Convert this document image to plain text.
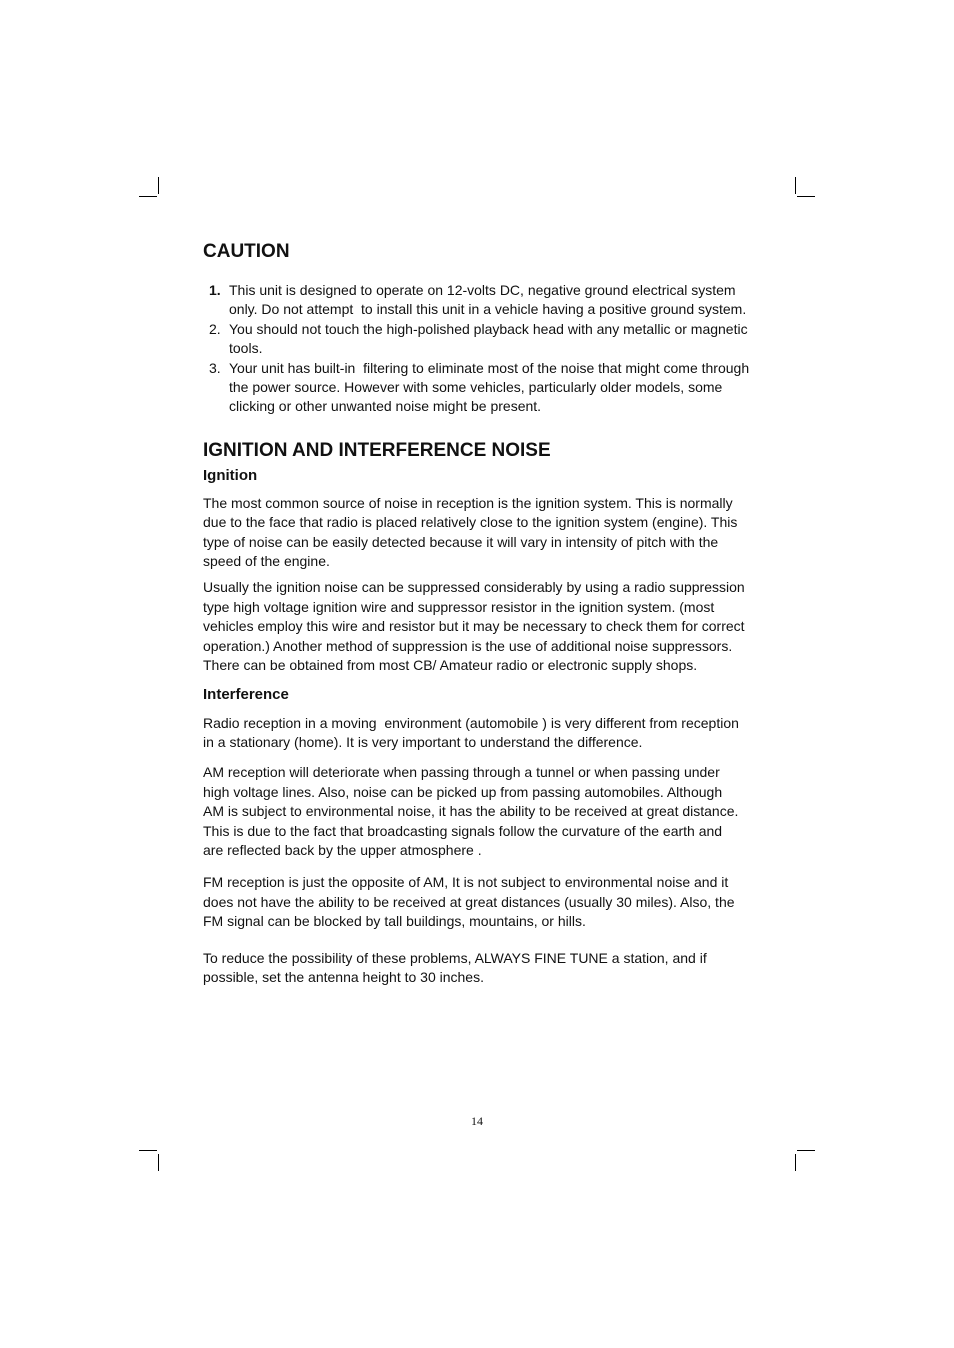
CAUTION
1. This unit is designed to operate on 12-volts DC, negative ground electrical system
only. Do not attempt  to install this unit in a vehicle having a positive ground system.
2. You should not touch the high-polished playback head with any metallic or magnetic
tools.
3. Your unit has built-in  filtering to eliminate most of the noise that might come through
the power source. However with some vehicles, particularly older models, some
clicking or other unwanted noise might be present.
IGNITION AND INTERFERENCE NOISE
Ignition

The most common source of noise in reception is the ignition system. This is normally
due to the face that radio is placed relatively close to the ignition system (engine). This
type of noise can be easily detected because it will vary in intensity of pitch with the
speed of the engine.

Usually the ignition noise can be suppressed considerably by using a radio suppression
type high voltage ignition wire and suppressor resistor in the ignition system. (most
vehicles employ this wire and resistor but it may be necessary to check them for correct
operation.) Another method of suppression is the use of additional noise suppressors.
There can be obtained from most CB/ Amateur radio or electronic supply shops.

Interference

Radio reception in a moving  environment (automobile ) is very different from reception
in a stationary (home). It is very important to understand the difference.

AM reception will deteriorate when passing through a tunnel or when passing under
high voltage lines. Also, noise can be picked up from passing automobiles. Although
AM is subject to environmental noise, it has the ability to be received at great distance.
This is due to the fact that broadcasting signals follow the curvature of the earth and
are reflected back by the upper atmosphere .

FM reception is just the opposite of AM, It is not subject to environmental noise and it
does not have the ability to be received at great distances (usually 30 miles). Also, the
FM signal can be blocked by tall buildings, mountains, or hills.

To reduce the possibility of these problems, ALWAYS FINE TUNE a station, and if
possible, set the antenna height to 30 inches.

14
